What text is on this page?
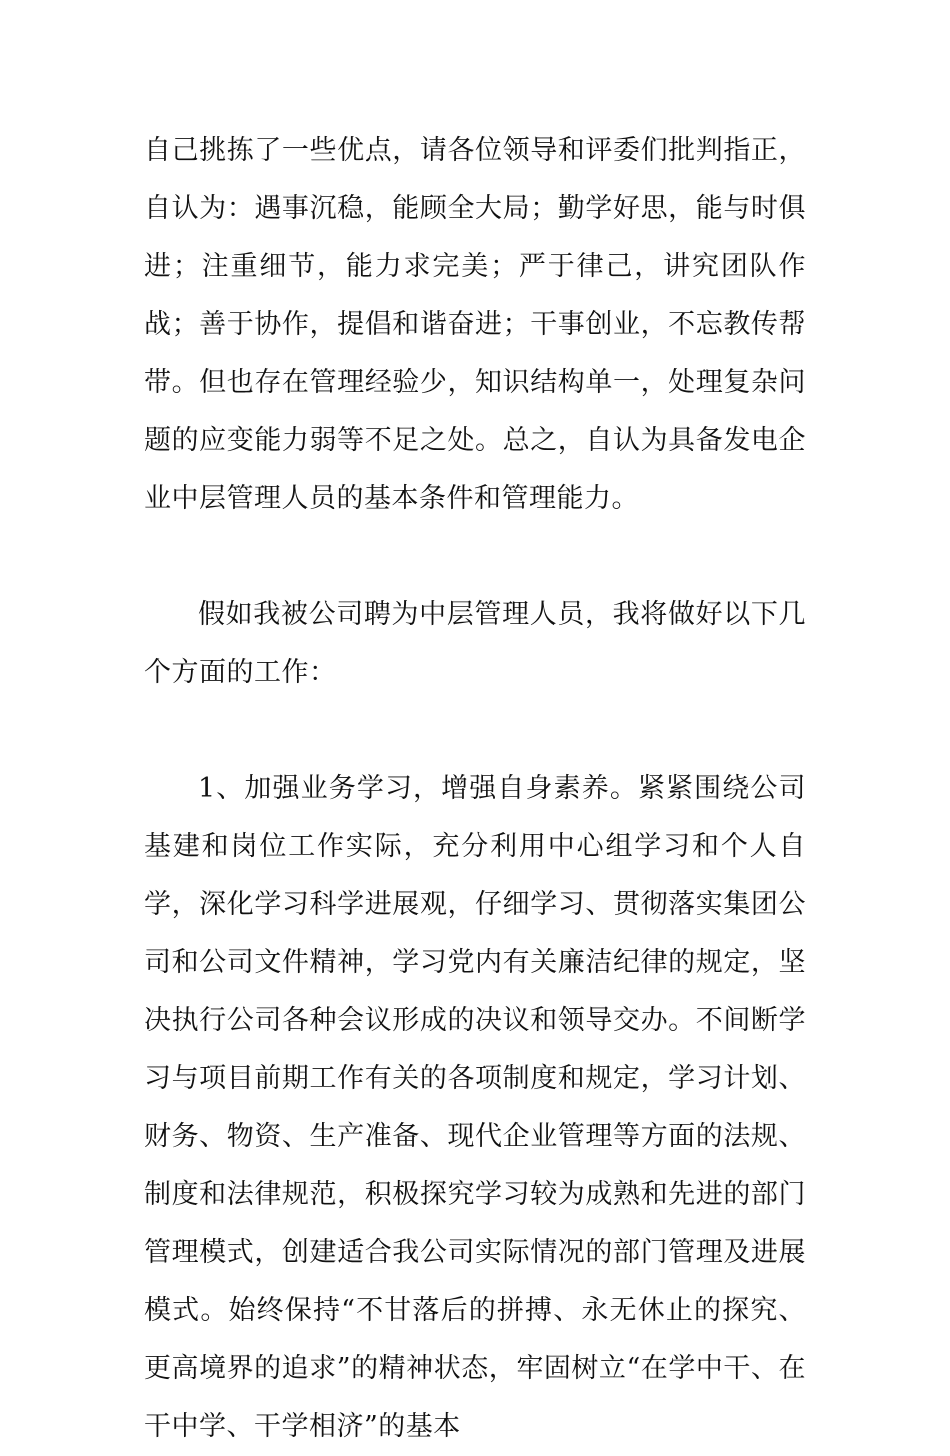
自己挑拣了一些优点，请各位领导和评委们批判指正，自认为：遇事沉稳，能顾全大局；勤学好思，能与时俱进；注重细节，能力求完美；严于律己，讲究团队作战；善于协作，提倡和谐奋进；干事创业，不忘教传帮带。但也存在管理经验少，知识结构单一，处理复杂问题的应变能力弱等不足之处。总之，自认为具备发电企业中层管理人员的基本条件和管理能力。

假如我被公司聘为中层管理人员，我将做好以下几个方面的工作：

1、加强业务学习，增强自身素养。紧紧围绕公司基建和岗位工作实际，充分利用中心组学习和个人自学，深化学习科学进展观，仔细学习、贯彻落实集团公司和公司文件精神，学习党内有关廉洁纪律的规定，坚决执行公司各种会议形成的决议和领导交办。不间断学习与项目前期工作有关的各项制度和规定，学习计划、财务、物资、生产准备、现代企业管理等方面的法规、制度和法律规范，积极探究学习较为成熟和先进的部门管理模式，创建适合我公司实际情况的部门管理及进展模式。始终保持“不甘落后的拼搏、永无休止的探究、更高境界的追求”的精神状态，牢固树立“在学中干、在干中学、干学相济”的基本
